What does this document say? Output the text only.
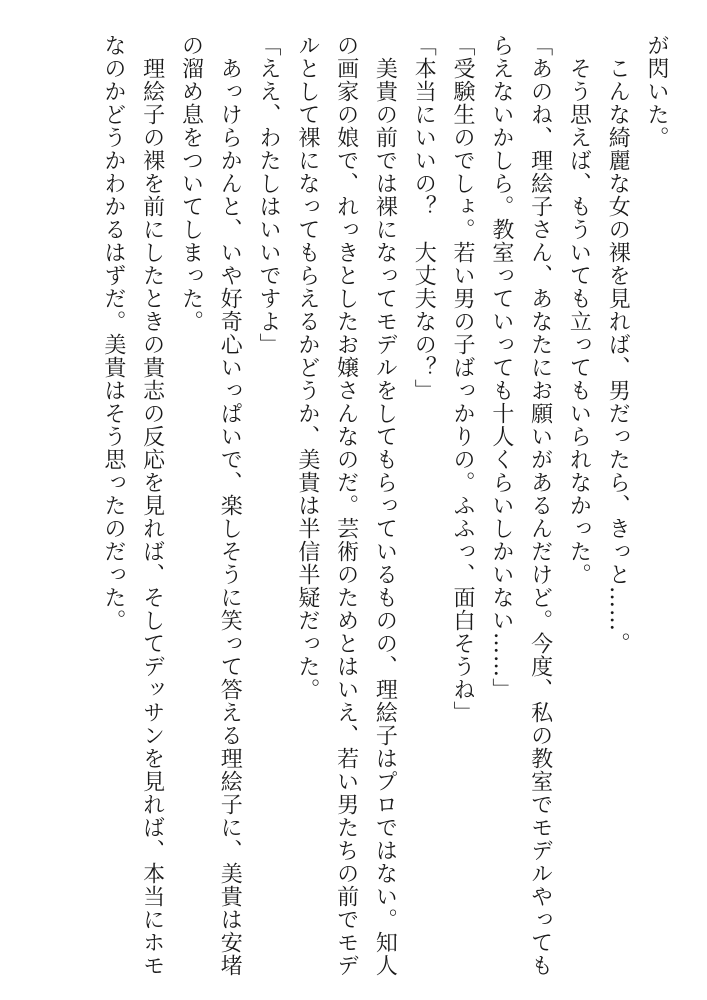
が閃いた。
　こんな綺麗な女の裸を見れば、男だったら、きっと……。
　そう思えば、もういても立ってもいられなかった。
「あのね、理絵子さん、あなたにお願いがあるんだけど。今度、私の教室でモデルやっても
らえないかしら。教室っていっても十人くらいしかいない……」
「受験生のでしょ。若い男の子ばっかりの。ふふっ、面白そうね」
「本当にいいの？　大丈夫なの？」
　美貴の前では裸になってモデルをしてもらっているものの、理絵子はプロではない。知人
の画家の娘で、れっきとしたお嬢さんなのだ。芸術のためとはいえ、若い男たちの前でモデ
ルとして裸になってもらえるかどうか、美貴は半信半疑だった。
「ええ、わたしはいいですよ」
　あっけらかんと、いや好奇心いっぱいで、楽しそうに笑って答える理絵子に、美貴は安堵
の溜め息をついてしまった。
　理絵子の裸を前にしたときの貴志の反応を見れば、そしてデッサンを見れば、本当にホモ
なのかどうかわかるはずだ。美貴はそう思ったのだった。
